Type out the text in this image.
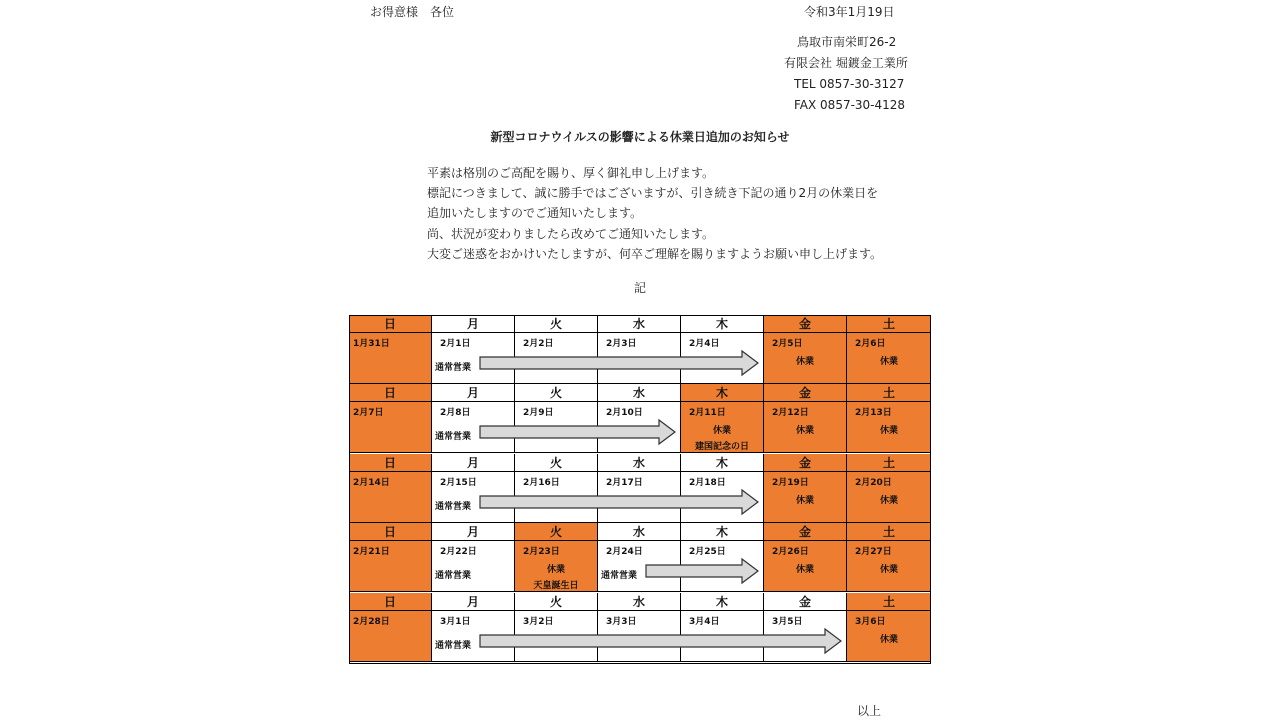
お得意様　各位	令和3年1月19日
鳥取市南栄町26-2
有限会社 堀鍍金工業所
TEL 0857-30-3127
FAX 0857-30-4128
新型コロナウイルスの影響による休業日追加のお知らせ
平素は格別のご高配を賜り、厚く御礼申し上げます。
標記につきまして、誠に勝手ではございますが、引き続き下記の通り2月の休業日を
追加いたしますのでご通知いたします。
尚、状況が変わりましたら改めてご通知いたします。
大変ご迷惑をおかけいたしますが、何卒ご理解を賜りますようお願い申し上げます。
記
日
1月31日
月
2月1日
火
2月2日
水
2月3日
木
2月4日
金
2月5日
休業
土
2月6日
休業
通常営業
日
2月7日
月
2月8日
火
2月9日
水
2月10日
木
2月11日
休業
建国記念の日
金
2月12日
休業
土
2月13日
休業
通常営業
日
2月14日
月
2月15日
火
2月16日
水
2月17日
木
2月18日
金
2月19日
休業
土
2月20日
休業
通常営業
日
2月21日
月
2月22日
火
2月23日
休業
天皇誕生日
水
2月24日
木
2月25日
金
2月26日
休業
土
2月27日
休業
通常営業	通常営業
日
2月28日
月
3月1日
火
3月2日
水
3月3日
木
3月4日
金
3月5日
土
3月6日
休業
通常営業
以上
